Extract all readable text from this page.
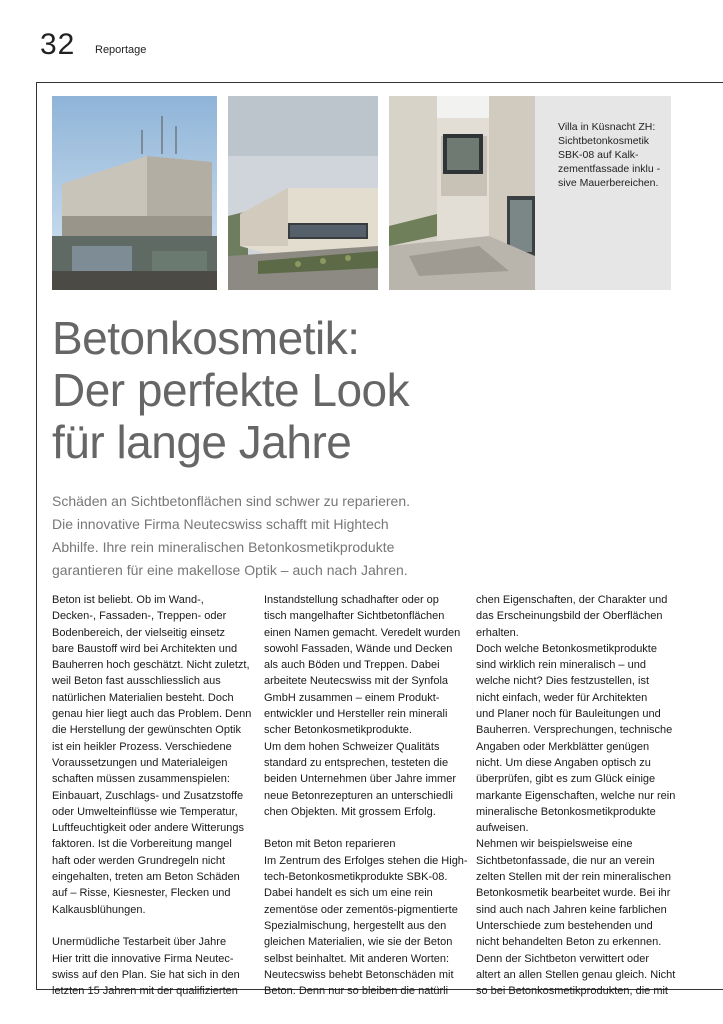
32 Reportage
Villa in Küsnacht ZH:
Sichtbetonkosmetik
SBK-08 auf Kalk-
zementfassade inklu -
sive Mauerbereichen.
Betonkosmetik:
Der perfekte Look
für lange Jahre

Schäden an Sichtbetonflächen sind schwer zu reparieren.
Die innovative Firma Neutecswiss schafft mit Hightech
Abhilfe. Ihre rein mineralischen Betonkosmetikprodukte
garantieren für eine makellose Optik – auch nach Jahren.

Beton ist beliebt. Ob im Wand-,
Decken-, Fassaden-, Treppen- oder
Bodenbereich, der vielseitig einsetz
bare Baustoff wird bei Architekten und
Bauherren hoch geschätzt. Nicht zuletzt,
weil Beton fast ausschliesslich aus
natürlichen Materialien besteht. Doch
genau hier liegt auch das Problem. Denn
die Herstellung der gewünschten Optik
ist ein heikler Prozess. Verschiedene
Voraussetzungen und Materialeigen
schaften müssen zusammenspielen:
Einbauart, Zuschlags- und Zusatzstoffe
oder Umwelteinflüsse wie Temperatur,
Luftfeuchtigkeit oder andere Witterungs
faktoren. Ist die Vorbereitung mangel
haft oder werden Grundregeln nicht
eingehalten, treten am Beton Schäden
auf – Risse, Kiesnester, Flecken und
Kalkausblühungen.

Unermüdliche Testarbeit über Jahre
Hier tritt die innovative Firma Neutec-
swiss auf den Plan. Sie hat sich in den
letzten 15 Jahren mit der qualifizierten
Instandstellung schadhafter oder op
tisch mangelhafter Sichtbetonflächen
einen Namen gemacht. Veredelt wurden
sowohl Fassaden, Wände und Decken
als auch Böden und Treppen. Dabei
arbeitete Neutecswiss mit der Synfola
GmbH zusammen – einem Produkt-
entwickler und Hersteller rein minerali
scher Betonkosmetikprodukte.
Um dem hohen Schweizer Qualitäts
standard zu entsprechen, testeten die
beiden Unternehmen über Jahre immer
neue Betonrezepturen an unterschiedli
chen Objekten. Mit grossem Erfolg.

Beton mit Beton reparieren
Im Zentrum des Erfolges stehen die High-
tech-Betonkosmetikprodukte SBK-08.
Dabei handelt es sich um eine rein
zementöse oder zementös-pigmentierte
Spezialmischung, hergestellt aus den
gleichen Materialien, wie sie der Beton
selbst beinhaltet. Mit anderen Worten:
Neutecswiss behebt Betonschäden mit
Beton. Denn nur so bleiben die natürli
chen Eigenschaften, der Charakter und
das Erscheinungsbild der Oberflächen
erhalten.
Doch welche Betonkosmetikprodukte
sind wirklich rein mineralisch – und
welche nicht? Dies festzustellen, ist
nicht einfach, weder für Architekten
und Planer noch für Bauleitungen und
Bauherren. Versprechungen, technische
Angaben oder Merkblätter genügen
nicht. Um diese Angaben optisch zu
überprüfen, gibt es zum Glück einige
markante Eigenschaften, welche nur rein
mineralische Betonkosmetikprodukte
aufweisen.
Nehmen wir beispielsweise eine
Sichtbetonfassade, die nur an verein
zelten Stellen mit der rein mineralischen
Betonkosmetik bearbeitet wurde. Bei ihr
sind auch nach Jahren keine farblichen
Unterschiede zum bestehenden und
nicht behandelten Beton zu erkennen.
Denn der Sichtbeton verwittert oder
altert an allen Stellen genau gleich. Nicht
so bei Betonkosmetikprodukten, die mit
